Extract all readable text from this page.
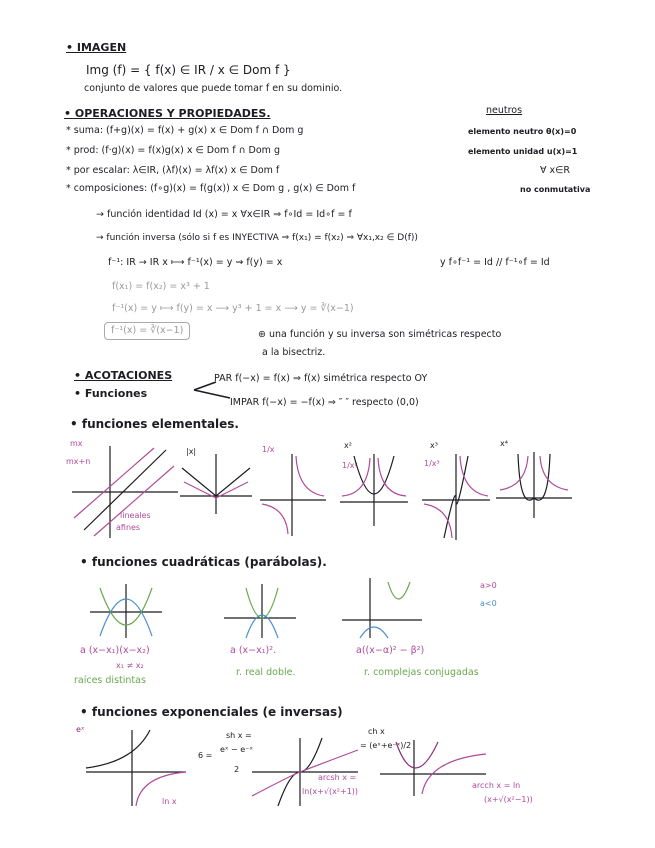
• IMAGEN
Img (f) = { f(x) ∈ IR / x ∈ Dom f }
conjunto de valores que puede tomar f en su dominio.
• OPERACIONES Y PROPIEDADES.	neutros
* suma: (f+g)(x) = f(x) + g(x) x ∈ Dom f ∩ Dom g	elemento neutro θ(x)=0
* prod: (f·g)(x) = f(x)g(x) x ∈ Dom f ∩ Dom g	elemento unidad u(x)=1
* por escalar: λ∈IR, (λf)(x) = λf(x) x ∈ Dom f	∀ x∈R
* composiciones: (f∘g)(x) = f(g(x)) x ∈ Dom g , g(x) ∈ Dom f	no conmutativa
→ función identidad Id (x) = x ∀x∈IR ⇒ f∘Id = Id∘f = f
→ función inversa (sólo si f es INYECTIVA ⇒ f(x₁) = f(x₂) ⇒ ∀x₁,x₂ ∈ D(f))
f⁻¹: IR → IR x ⟼ f⁻¹(x) = y ⇝ f(y) = x	y f∘f⁻¹ = Id // f⁻¹∘f = Id
f(x₁) = f(x₂) = x³ + 1
f⁻¹(x) = y ⟼ f(y) = x ⟶ y³ + 1 = x ⟶ y = ∛(x−1)
f⁻¹(x) = ∛(x−1)	⊛ una función y su inversa son simétricas respecto
a la bisectriz.
• ACOTACIONES
• Funciones
PAR f(−x) = f(x) ⇒ f(x) simétrica respecto OY
IMPAR f(−x) = −f(x) ⇒ ″ ″ respecto (0,0)
• funciones elementales.
mx
mx+n
lineales
afines
|x|	1/x	x²
1/x²
x³
1/x³
x⁴
• funciones cuadráticas (parábolas).
a>0
a<0
a (x−x₁)(x−x₂)
x₁ ≠ x₂
raíces distintas
a (x−x₁)².
r. real doble.
a((x−α)² − β²)
r. complejas conjugadas
• funciones exponenciales (e inversas)
eˣ
ln x
sh x =
6 =
eˣ − e⁻ˣ
2
arcsh x =
ln(x+√(x²+1))
ch x
= (eˣ+e⁻ˣ)/2
arcch x = ln
(x+√(x²−1))
